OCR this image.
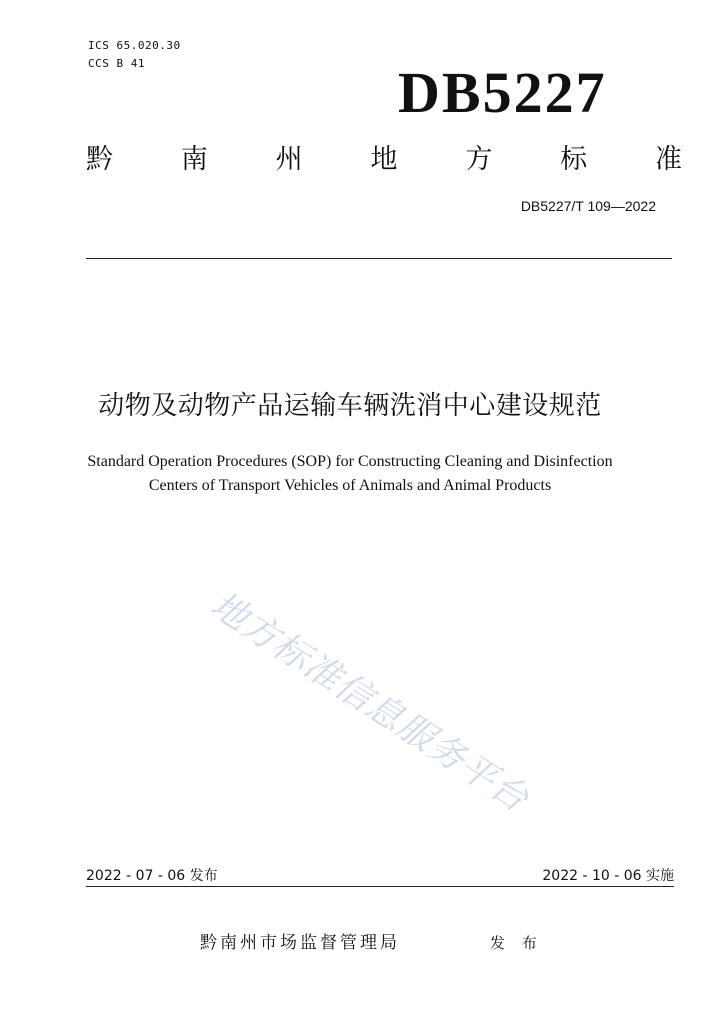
ICS 65.020.30
CCS B 41	DB5227
黔	南	州	地	方	标	准
DB5227/T 109—2022
动物及动物产品运输车辆洗消中心建设规范
Standard Operation Procedures (SOP) for Constructing Cleaning and Disinfection
Centers of Transport Vehicles of Animals and Animal Products
地方标准信息服务平台
2022 - 07 - 06 发布	2022 - 10 - 06 实施
黔南州市场监督管理局	发 布
